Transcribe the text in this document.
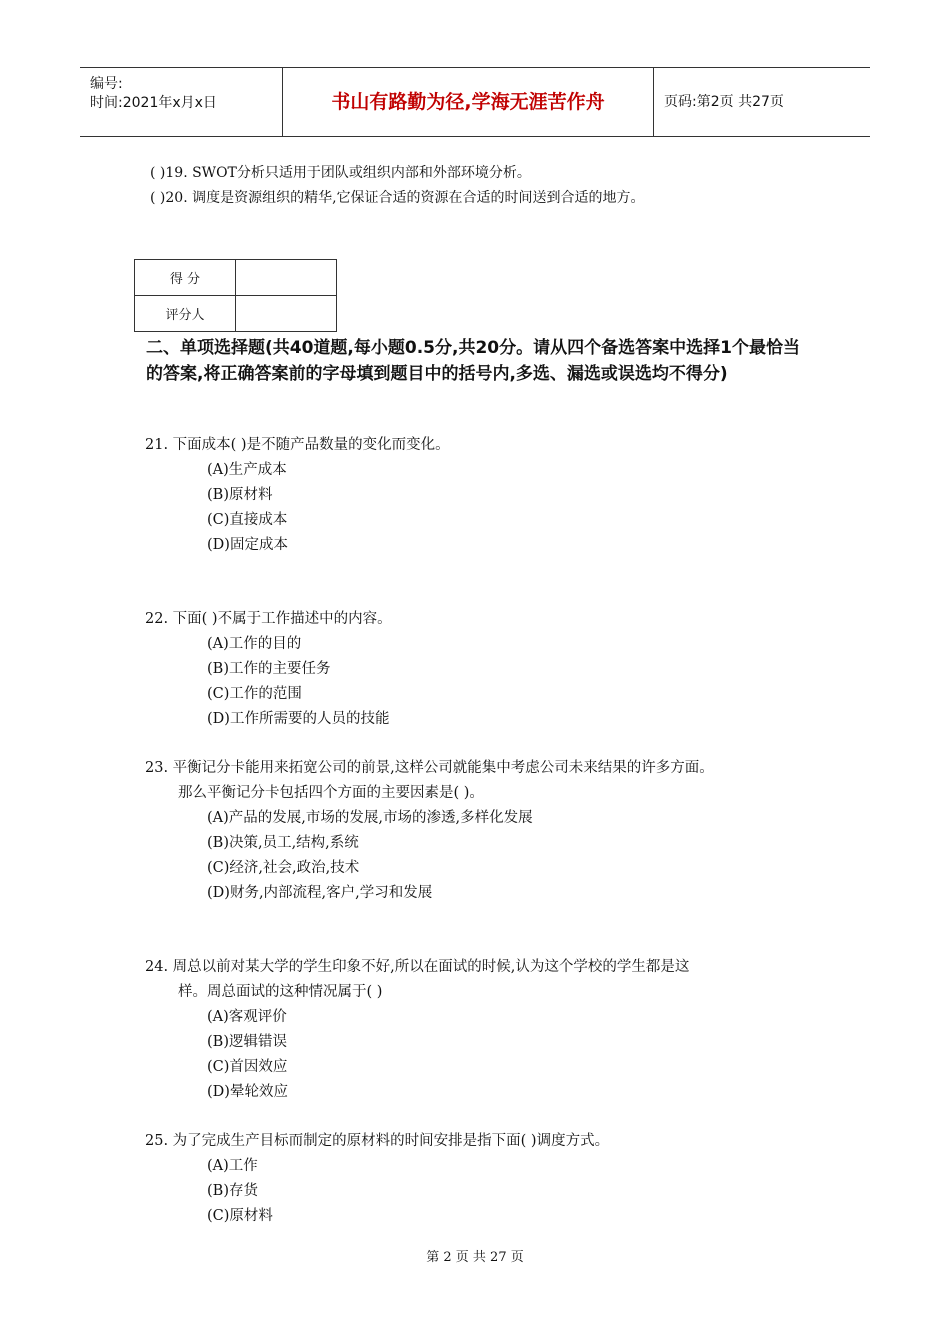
编号:
时间:2021年x月x日	书山有路勤为径,学海无涯苦作舟	页码:第2页 共27页
( )19. SWOT分析只适用于团队或组织内部和外部环境分析。
( )20. 调度是资源组织的精华,它保证合适的资源在合适的时间送到合适的地方。
得 分	
评分人	
二、单项选择题(共40道题,每小题0.5分,共20分。请从四个备选答案中选择1个最恰当的答案,将正确答案前的字母填到题目中的括号内,多选、漏选或误选均不得分)
21. 下面成本( )是不随产品数量的变化而变化。
(A)生产成本
(B)原材料
(C)直接成本
(D)固定成本
22. 下面( )不属于工作描述中的内容。
(A)工作的目的
(B)工作的主要任务
(C)工作的范围
(D)工作所需要的人员的技能
23. 平衡记分卡能用来拓宽公司的前景,这样公司就能集中考虑公司未来结果的许多方面。
那么平衡记分卡包括四个方面的主要因素是( )。
(A)产品的发展,市场的发展,市场的渗透,多样化发展
(B)决策,员工,结构,系统
(C)经济,社会,政治,技术
(D)财务,内部流程,客户,学习和发展
24. 周总以前对某大学的学生印象不好,所以在面试的时候,认为这个学校的学生都是这
样。周总面试的这种情况属于( )
(A)客观评价
(B)逻辑错误
(C)首因效应
(D)晕轮效应
25. 为了完成生产目标而制定的原材料的时间安排是指下面( )调度方式。
(A)工作
(B)存货
(C)原材料
第 2 页 共 27 页
